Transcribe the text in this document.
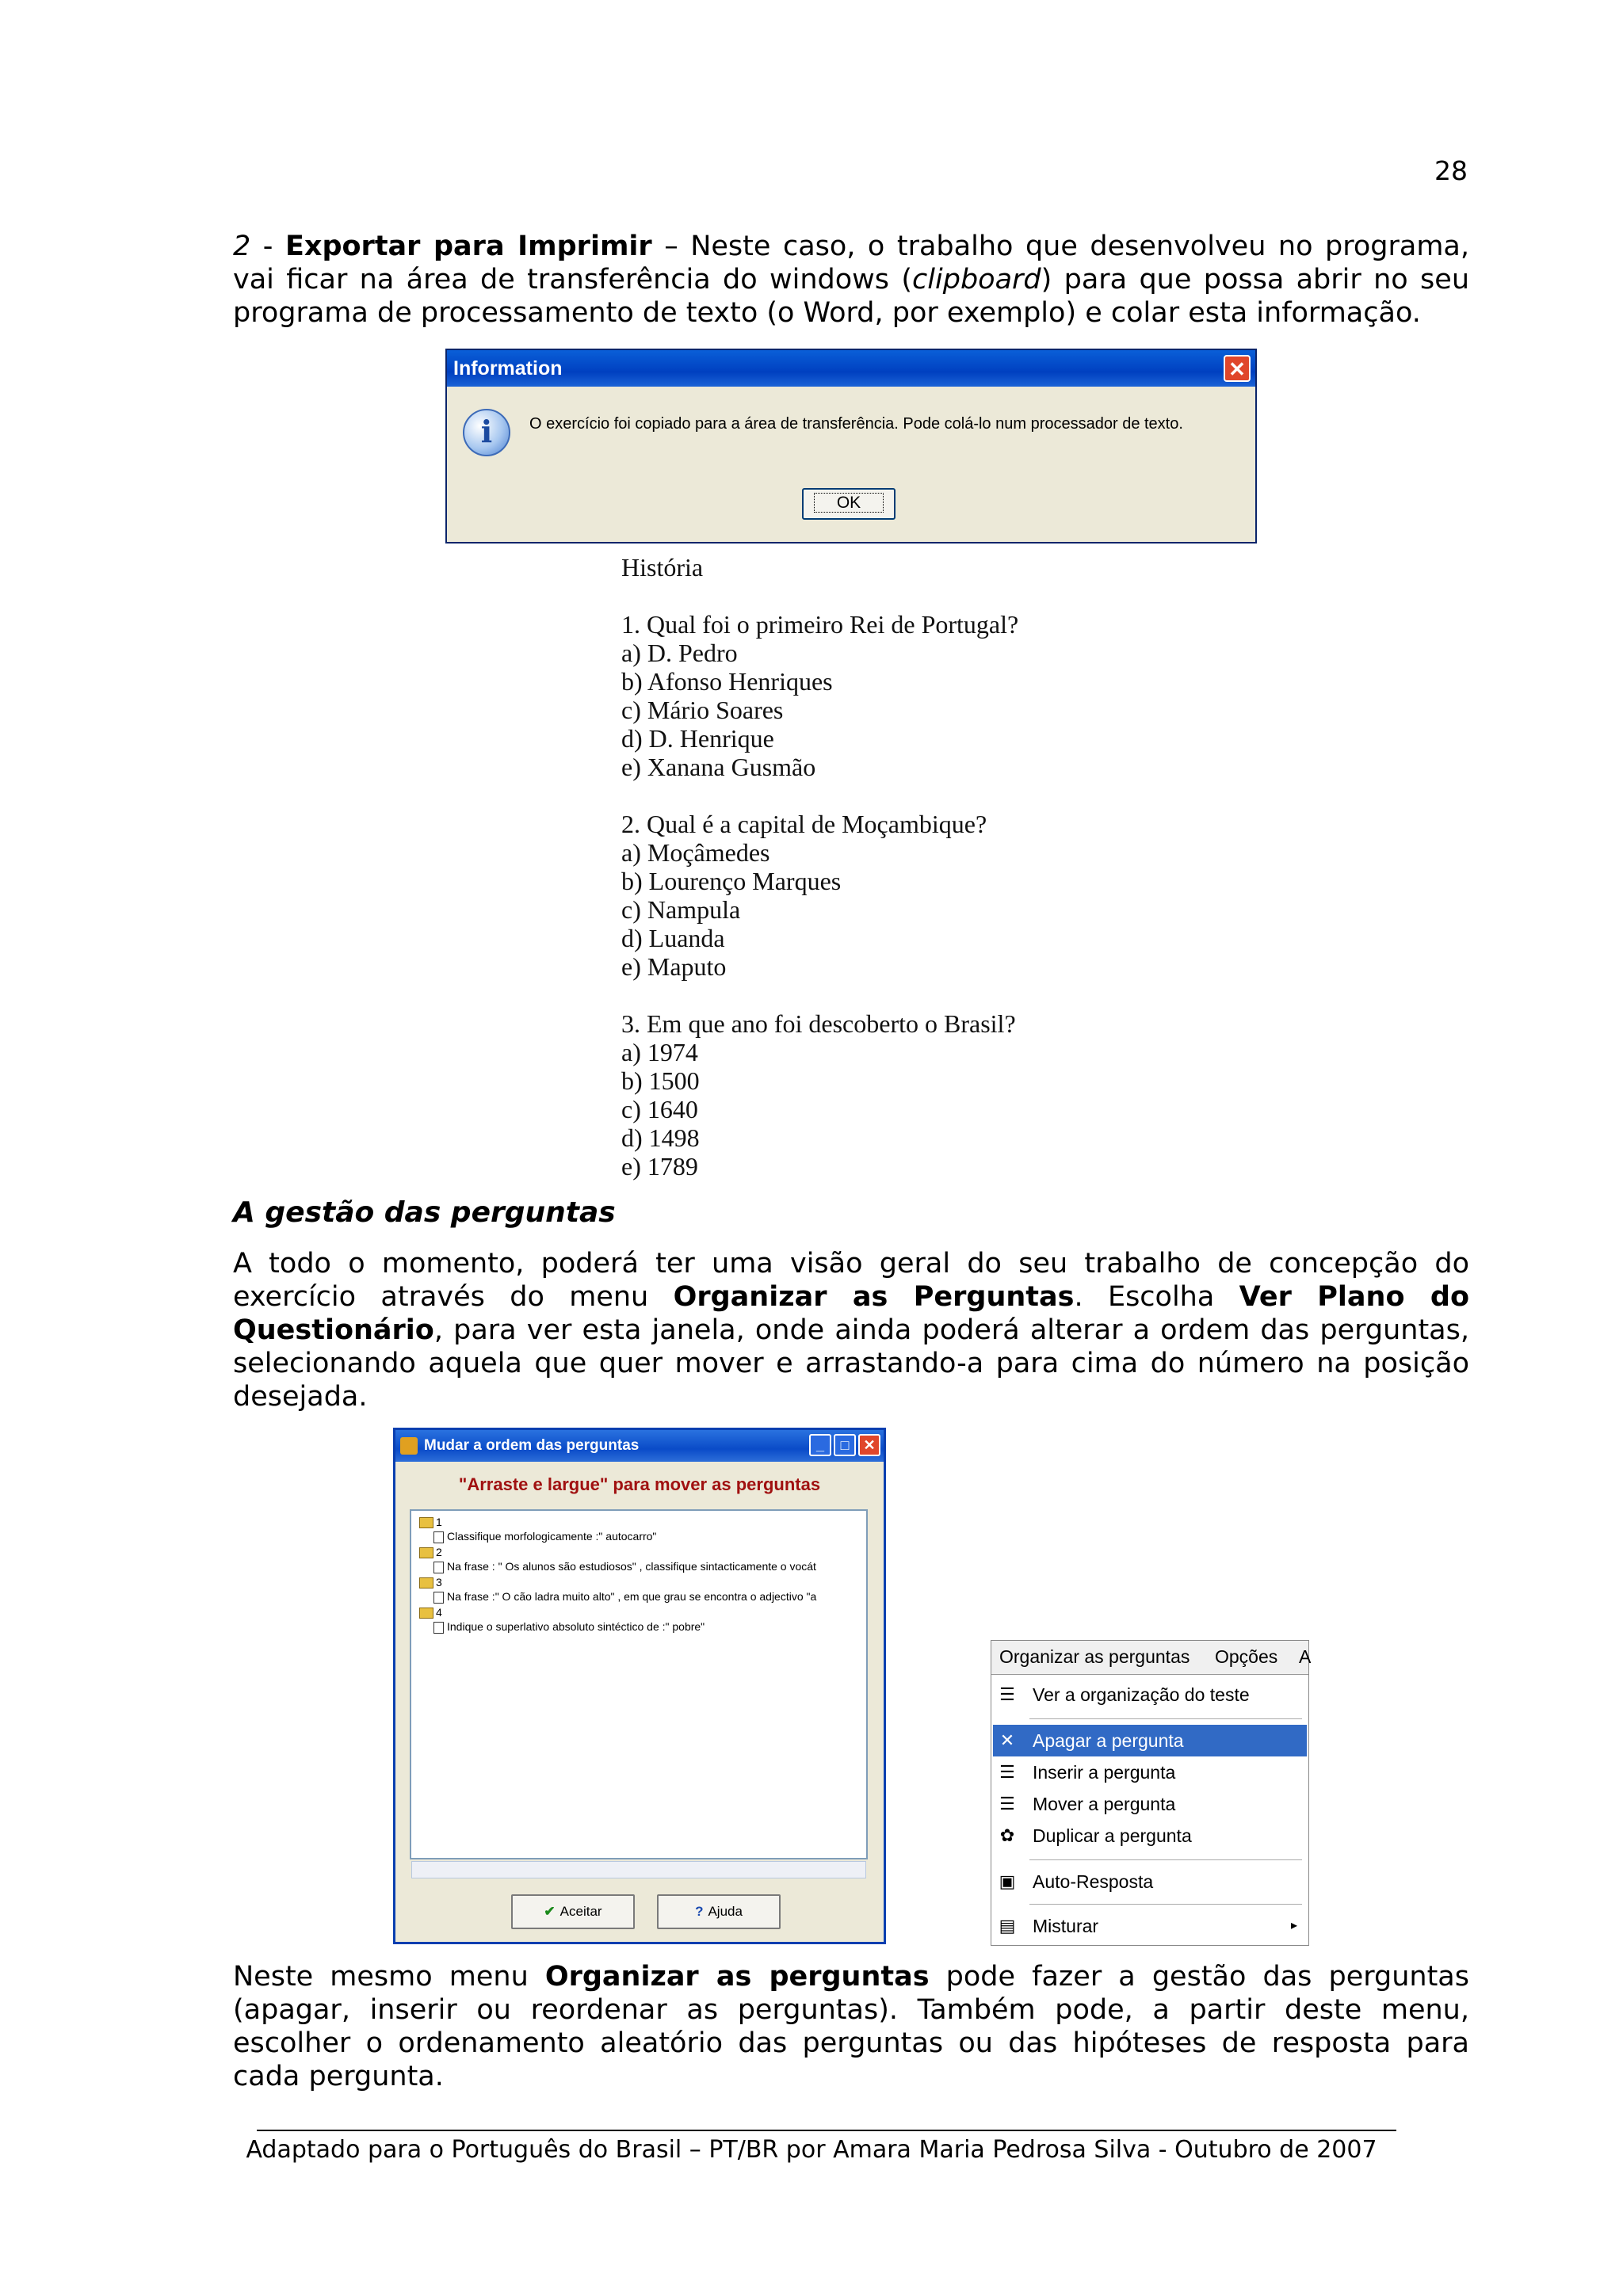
28

2 - Exportar para Imprimir – Neste caso, o trabalho que desenvolveu no programa, vai ficar na área de transferência do windows (clipboard) para que possa abrir no seu programa de processamento de texto (o Word, por exemplo) e colar esta informação.

Information	✕
i	O exercício foi copiado para a área de transferência. Pode colá-lo num processador de texto.
OK
História
1. Qual foi o primeiro Rei de Portugal?
a) D. Pedro
b) Afonso Henriques
c) Mário Soares
d) D. Henrique
e) Xanana Gusmão
2. Qual é a capital de Moçambique?
a) Moçâmedes
b) Lourenço Marques
c) Nampula
d) Luanda
e) Maputo
3. Em que ano foi descoberto o Brasil?
a) 1974
b) 1500
c) 1640
d) 1498
e) 1789
A gestão das perguntas

A todo o momento, poderá ter uma visão geral do seu trabalho de concepção do exercício através do menu Organizar as Perguntas. Escolha Ver Plano do Questionário, para ver esta janela, onde ainda poderá alterar a ordem das perguntas, selecionando aquela que quer mover e arrastando-a para cima do número na posição desejada.

Mudar a ordem das perguntas	_	□	✕
"Arraste e largue" para mover as perguntas
1
Classifique morfologicamente :" autocarro"
2
Na frase : " Os alunos são estudiosos" , classifique sintacticamente o vocát
3
Na frase :" O cão ladra muito alto" , em que grau se encontra o adjectivo "a
4
Indique o superlativo absoluto sintéctico de :" pobre"
✔ Aceitar	? Ajuda
Organizar as perguntas Opções A
☰ Ver a organização do teste
✕ Apagar a pergunta
☰ Inserir a pergunta
☰ Mover a pergunta
✿ Duplicar a pergunta
▣ Auto-Resposta
▤ Misturar	▸

Neste mesmo menu Organizar as perguntas pode fazer a gestão das perguntas (apagar, inserir ou reordenar as perguntas). Também pode, a partir deste menu, escolher o ordenamento aleatório das perguntas ou das hipóteses de resposta para cada pergunta.

Adaptado para o Português do Brasil – PT/BR por Amara Maria Pedrosa Silva - Outubro de 2007
